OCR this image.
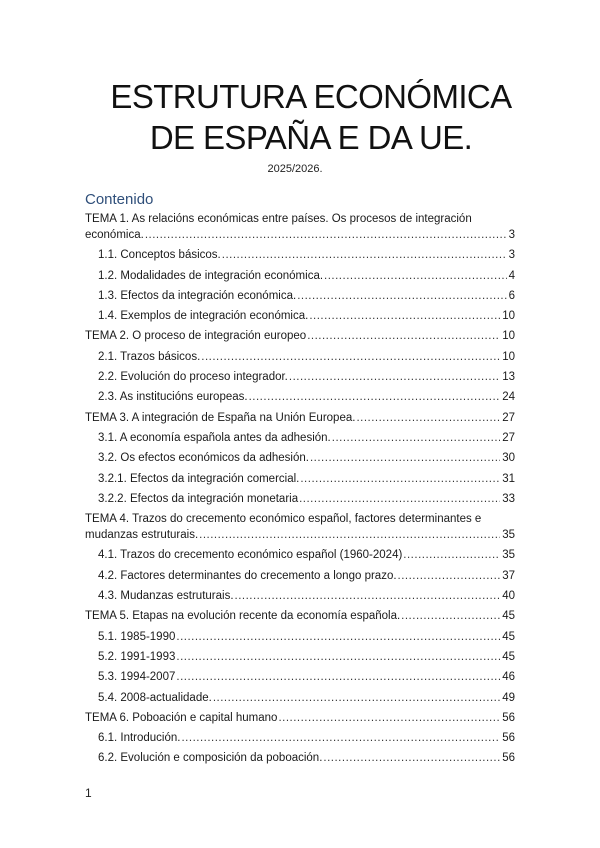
ESTRUTURA ECONÓMICA
DE ESPAÑA E DA UE.
2025/2026.
Contenido
TEMA 1. As relacións económicas entre países. Os procesos de integración
económica. .....	3
1.1. Conceptos básicos. .....	3
1.2. Modalidades de integración económica. .....	4
1.3. Efectos da integración económica. .....	6
1.4. Exemplos de integración económica. .....	10
TEMA 2. O proceso de integración europeo .....	10
2.1. Trazos básicos. .....	10
2.2. Evolución do proceso integrador. .....	13
2.3. As institucións europeas. .....	24
TEMA 3. A integración de España na Unión Europea. .....	27
3.1. A economía española antes da adhesión. .....	27
3.2. Os efectos económicos da adhesión. .....	30
3.2.1. Efectos da integración comercial. .....	31
3.2.2. Efectos da integración monetaria .....	33
TEMA 4. Trazos do crecemento económico español, factores determinantes e
mudanzas estruturais. .....	35
4.1. Trazos do crecemento económico español (1960-2024) .....	35
4.2. Factores determinantes do crecemento a longo prazo. .....	37
4.3. Mudanzas estruturais. .....	40
TEMA 5. Etapas na evolución recente da economía española. .....	45
5.1. 1985-1990 .....	45
5.2. 1991-1993 .....	45
5.3. 1994-2007 .....	46
5.4. 2008-actualidade. .....	49
TEMA 6. Poboación e capital humano .....	56
6.1. Introdución. .....	56
6.2. Evolución e composición da poboación. .....	56
1
